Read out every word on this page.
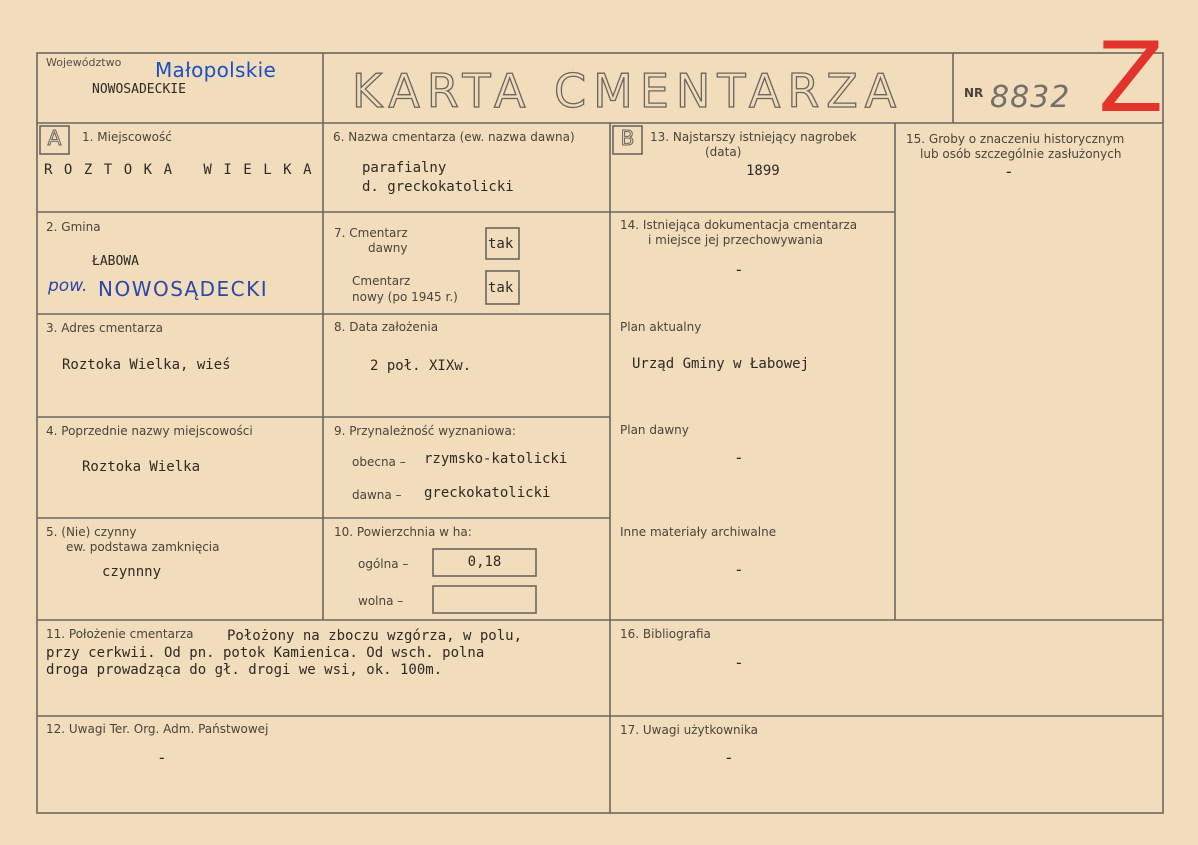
Województwo Małopolskie
NOWOSADECKIE	KARTA CMENTARZA	NR 8832 Z
A	B
1. Miejscowość
ROZTOKA WIELKA
2. Gmina
ŁABOWA
pow. NOWOSĄDECKI
3. Adres cmentarza
Roztoka Wielka, wieś
4. Poprzednie nazwy miejscowości
Roztoka Wielka
5. (Nie) czynny
ew. podstawa zamknięcia
czynnny
6. Nazwa cmentarza (ew. nazwa dawna)
parafialny
d. greckokatolicki
7. Cmentarz
dawny	tak
Cmentarz
nowy (po 1945 r.)
tak
8. Data założenia
2 poł. XIXw.
9. Przynależność wyznaniowa:
obecna – rzymsko-katolicki
dawna – greckokatolicki
10. Powierzchnia w ha:
ogólna –	0,18
wolna –
11. Położenie cmentarza Położony na zboczu wzgórza, w polu,
przy cerkwii. Od pn. potok Kamienica. Od wsch. polna
droga prowadząca do gł. drogi we wsi, ok. 100m.
12. Uwagi Ter. Org. Adm. Państwowej
-
13. Najstarszy istniejący nagrobek
(data)
1899
14. Istniejąca dokumentacja cmentarza
i miejsce jej przechowywania
-
Plan aktualny
Urząd Gminy w Łabowej
Plan dawny
-
Inne materiały archiwalne
-
15. Groby o znaczeniu historycznym
lub osób szczególnie zasłużonych
-
16. Bibliografia
-
17. Uwagi użytkownika
-
